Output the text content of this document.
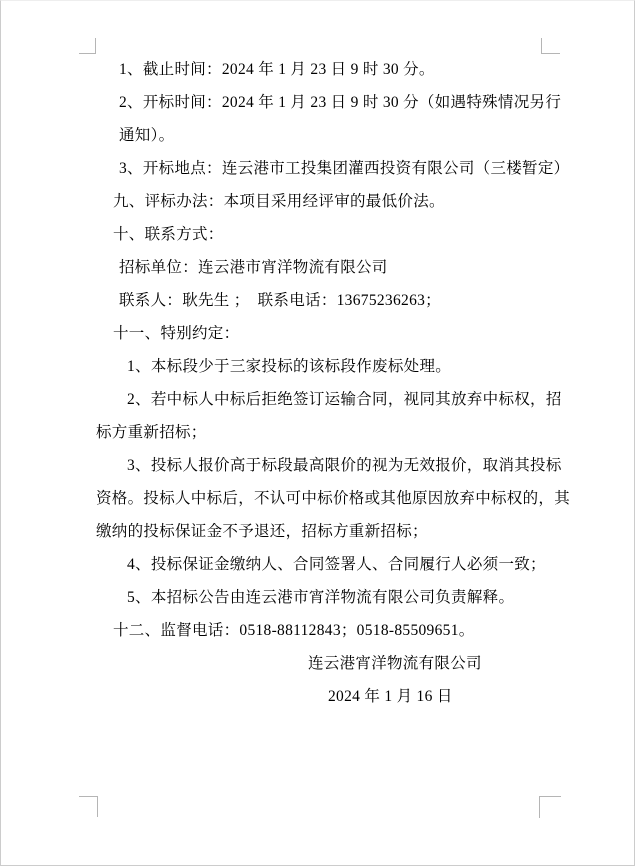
1、截止时间：2024 年 1 月 23 日 9 时 30 分。
2、开标时间：2024 年 1 月 23 日 9 时 30 分（如遇特殊情况另行
通知）。
3、开标地点：连云港市工投集团灌西投资有限公司（三楼暂定）
九、评标办法：本项目采用经评审的最低价法。
十、联系方式：
招标单位：连云港市宵洋物流有限公司
联系人：耿先生 ；　联系电话：13675236263；
十一、特别约定：
1、本标段少于三家投标的该标段作废标处理。
2、若中标人中标后拒绝签订运输合同，视同其放弃中标权，招
标方重新招标；
3、投标人报价高于标段最高限价的视为无效报价，取消其投标
资格。投标人中标后，不认可中标价格或其他原因放弃中标权的，其
缴纳的投标保证金不予退还，招标方重新招标；
4、投标保证金缴纳人、合同签署人、合同履行人必须一致；
5、本招标公告由连云港市宵洋物流有限公司负责解释。
十二、监督电话：0518-88112843；0518-85509651。
连云港宵洋物流有限公司
2024 年 1 月 16 日
